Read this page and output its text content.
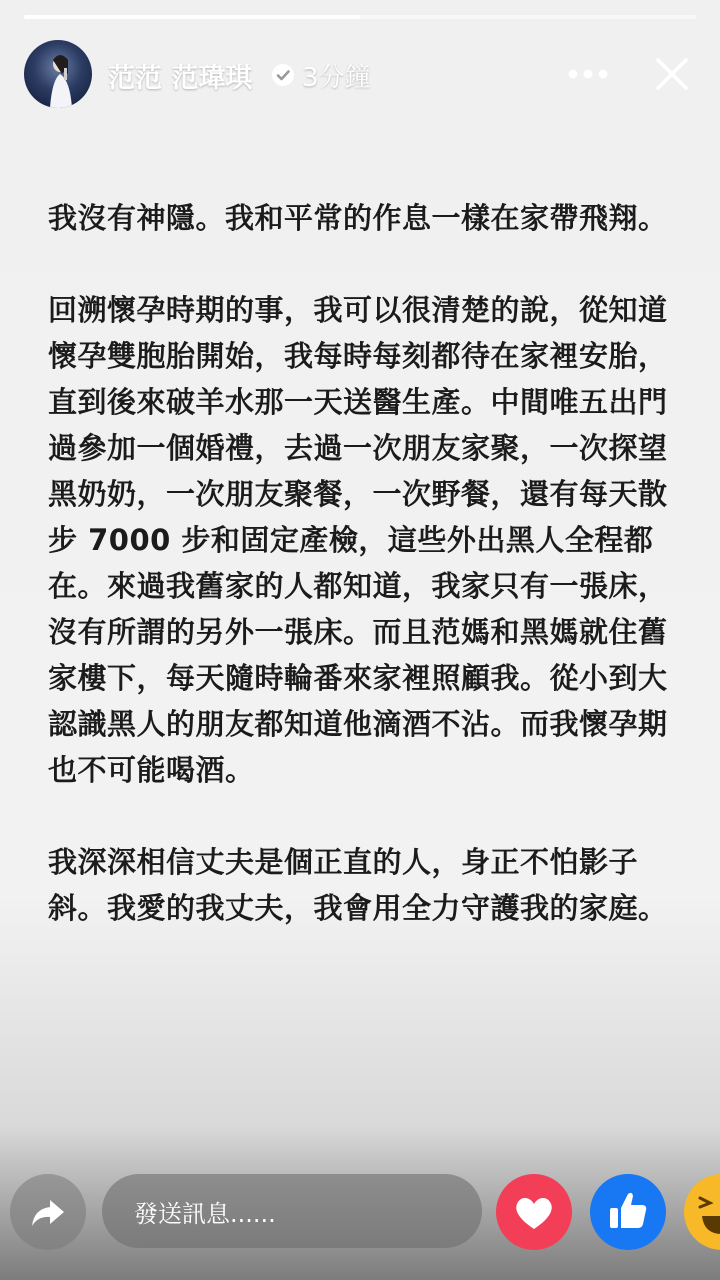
范范 范瑋琪 3分鐘

我沒有神隱。我和平常的作息一樣在家帶飛翔。

回溯懷孕時期的事，我可以很清楚的說，從知道懷孕雙胞胎開始，我每時每刻都待在家裡安胎，直到後來破羊水那一天送醫生產。中間唯五出門過參加一個婚禮，去過一次朋友家聚，一次探望黑奶奶，一次朋友聚餐，一次野餐，還有每天散步 7000 步和固定產檢，這些外出黑人全程都在。來過我舊家的人都知道，我家只有一張床，沒有所謂的另外一張床。而且范媽和黑媽就住舊家樓下，每天隨時輪番來家裡照顧我。從小到大認識黑人的朋友都知道他滴酒不沾。而我懷孕期也不可能喝酒。

我深深相信丈夫是個正直的人，身正不怕影子斜。我愛的我丈夫，我會用全力守護我的家庭。

發送訊息......
